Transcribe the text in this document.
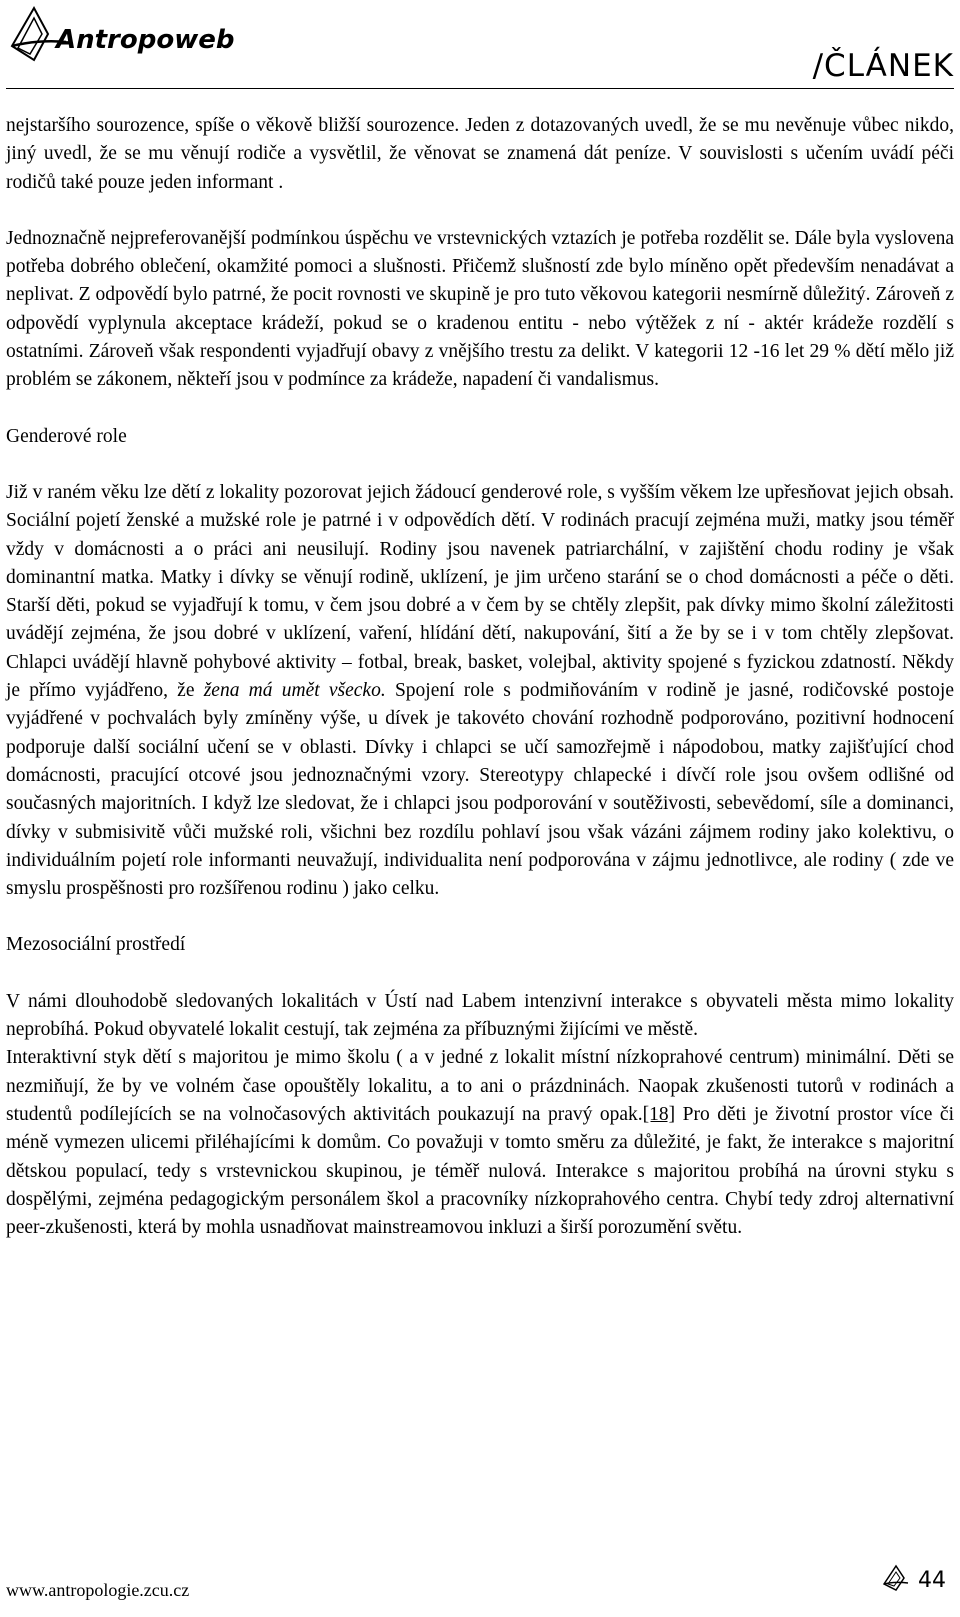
Antropoweb
/ČLÁNEK

nejstaršího sourozence, spíše o věkově bližší sourozence. Jeden z dotazovaných uvedl, že se mu nevěnuje vůbec nikdo, jiný uvedl, že se mu věnují rodiče a vysvětlil, že věnovat se znamená dát peníze. V souvislosti s učením uvádí péči rodičů také pouze jeden informant .

Jednoznačně nejpreferovanější podmínkou úspěchu ve vrstevnických vztazích je potřeba rozdělit se. Dále byla vyslovena potřeba dobrého oblečení, okamžité pomoci a slušnosti. Přičemž slušností zde bylo míněno opět především nenadávat a neplivat. Z odpovědí bylo patrné, že pocit rovnosti ve skupině je pro tuto věkovou kategorii nesmírně důležitý. Zároveň z odpovědí vyplynula akceptace krádeží, pokud se o kradenou entitu - nebo výtěžek z ní - aktér krádeže rozdělí s ostatními. Zároveň však respondenti vyjadřují obavy z vnějšího trestu za delikt. V kategorii 12 -16 let 29 % dětí mělo již problém se zákonem, někteří jsou v podmínce za krádeže, napadení či vandalismus.

Genderové role

Již v raném věku lze dětí z lokality pozorovat jejich žádoucí genderové role, s vyšším věkem lze upřesňovat jejich obsah. Sociální pojetí ženské a mužské role je patrné i v odpovědích dětí. V rodinách pracují zejména muži, matky jsou téměř vždy v domácnosti a o práci ani neusilují. Rodiny jsou navenek patriarchální, v zajištění chodu rodiny je však dominantní matka. Matky i dívky se věnují rodině, uklízení, je jim určeno starání se o chod domácnosti a péče o děti. Starší děti, pokud se vyjadřují k tomu, v čem jsou dobré a v čem by se chtěly zlepšit, pak dívky mimo školní záležitosti uvádějí zejména, že jsou dobré v uklízení, vaření, hlídání dětí, nakupování, šití a že by se i v tom chtěly zlepšovat. Chlapci uvádějí hlavně pohybové aktivity – fotbal, break, basket, volejbal, aktivity spojené s fyzickou zdatností. Někdy je přímo vyjádřeno, že žena má umět všecko. Spojení role s podmiňováním v rodině je jasné, rodičovské postoje vyjádřené v pochvalách byly zmíněny výše, u dívek je takovéto chování rozhodně podporováno, pozitivní hodnocení podporuje další sociální učení se v oblasti. Dívky i chlapci se učí samozřejmě i nápodobou, matky zajišťující chod domácnosti, pracující otcové jsou jednoznačnými vzory. Stereotypy chlapecké i dívčí role jsou ovšem odlišné od současných majoritních. I když lze sledovat, že i chlapci jsou podporování v soutěživosti, sebevědomí, síle a dominanci, dívky v submisivitě vůči mužské roli, všichni bez rozdílu pohlaví jsou však vázáni zájmem rodiny jako kolektivu, o individuálním pojetí role informanti neuvažují, individualita není podporována v zájmu jednotlivce, ale rodiny ( zde ve smyslu prospěšnosti pro rozšířenou rodinu ) jako celku.

Mezosociální prostředí

V námi dlouhodobě sledovaných lokalitách v Ústí nad Labem intenzivní interakce s obyvateli města mimo lokality neprobíhá. Pokud obyvatelé lokalit cestují, tak zejména za příbuznými žijícími ve městě.

Interaktivní styk dětí s majoritou je mimo školu ( a v jedné z lokalit místní nízkoprahové centrum) minimální. Děti se nezmiňují, že by ve volném čase opouštěly lokalitu, a to ani o prázdninách. Naopak zkušenosti tutorů v rodinách a studentů podílejících se na volnočasových aktivitách poukazují na pravý opak.[18] Pro děti je životní prostor více či méně vymezen ulicemi přiléhajícími k domům. Co považuji v tomto směru za důležité, je fakt, že interakce s majoritní dětskou populací, tedy s vrstevnickou skupinou, je téměř nulová. Interakce s majoritou probíhá na úrovni styku s dospělými, zejména pedagogickým personálem škol a pracovníky nízkoprahového centra. Chybí tedy zdroj alternativní peer-zkušenosti, která by mohla usnadňovat mainstreamovou inkluzi a širší porozumění světu.

www.antropologie.zcu.cz	44
